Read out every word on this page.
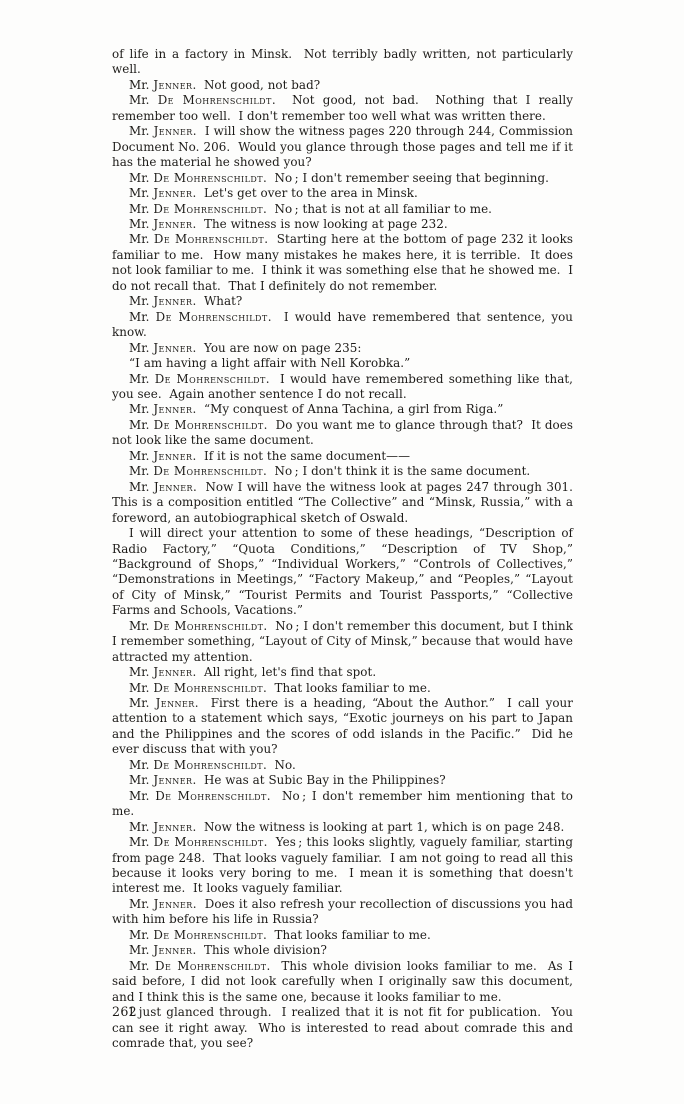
of life in a factory in Minsk.  Not terribly badly written, not particularly well.

Mr. Jenner.  Not good, not bad?

Mr. De Mohrenschildt.  Not good, not bad.  Nothing that I really remember too well.  I don't remember too well what was written there.

Mr. Jenner.  I will show the witness pages 220 through 244, Commission Document No. 206.  Would you glance through those pages and tell me if it has the material he showed you?

Mr. De Mohrenschildt.  No ; I don't remember seeing that beginning.

Mr. Jenner.  Let's get over to the area in Minsk.

Mr. De Mohrenschildt.  No ; that is not at all familiar to me.

Mr. Jenner.  The witness is now looking at page 232.

Mr. De Mohrenschildt.  Starting here at the bottom of page 232 it looks familiar to me.  How many mistakes he makes here, it is terrible.  It does not look familiar to me.  I think it was something else that he showed me.  I do not recall that.  That I definitely do not remember.

Mr. Jenner.  What?

Mr. De Mohrenschildt.  I would have remembered that sentence, you know.

Mr. Jenner.  You are now on page 235:

“I am having a light affair with Nell Korobka.”

Mr. De Mohrenschildt.  I would have remembered something like that, you see.  Again another sentence I do not recall.

Mr. Jenner.  “My conquest of Anna Tachina, a girl from Riga.”

Mr. De Mohrenschildt.  Do you want me to glance through that?  It does not look like the same document.

Mr. Jenner.  If it is not the same document——

Mr. De Mohrenschildt.  No ; I don't think it is the same document.

Mr. Jenner.  Now I will have the witness look at pages 247 through 301.  This is a composition entitled “The Collective” and “Minsk, Russia,” with a foreword, an autobiographical sketch of Oswald.

I will direct your attention to some of these headings, “Description of Radio Factory,” “Quota Conditions,” “Description of TV Shop,” “Background of Shops,” “Individual Workers,” “Controls of Collectives,” “Demonstrations in Meetings,” “Factory Makeup,” and “Peoples,” “Layout of City of Minsk,” “Tourist Permits and Tourist Passports,” “Collective Farms and Schools, Vacations.”

Mr. De Mohrenschildt.  No ; I don't remember this document, but I think I remember something, “Layout of City of Minsk,” because that would have attracted my attention.

Mr. Jenner.  All right, let's find that spot.

Mr. De Mohrenschildt.  That looks familiar to me.

Mr. Jenner.  First there is a heading, “About the Author.”  I call your attention to a statement which says, “Exotic journeys on his part to Japan and the Philippines and the scores of odd islands in the Pacific.”  Did he ever discuss that with you?

Mr. De Mohrenschildt.  No.

Mr. Jenner.  He was at Subic Bay in the Philippines?

Mr. De Mohrenschildt.  No ; I don't remember him mentioning that to me.

Mr. Jenner.  Now the witness is looking at part 1, which is on page 248.

Mr. De Mohrenschildt.  Yes ; this looks slightly, vaguely familiar, starting from page 248.  That looks vaguely familiar.  I am not going to read all this because it looks very boring to me.  I mean it is something that doesn't interest me.  It looks vaguely familiar.

Mr. Jenner.  Does it also refresh your recollection of discussions you had with him before his life in Russia?

Mr. De Mohrenschildt.  That looks familiar to me.

Mr. Jenner.  This whole division?

Mr. De Mohrenschildt.  This whole division looks familiar to me.  As I said before, I did not look carefully when I originally saw this document, and I think this is the same one, because it looks familiar to me.

I just glanced through.  I realized that it is not fit for publication.  You can see it right away.  Who is interested to read about comrade this and comrade that, you see?

262
